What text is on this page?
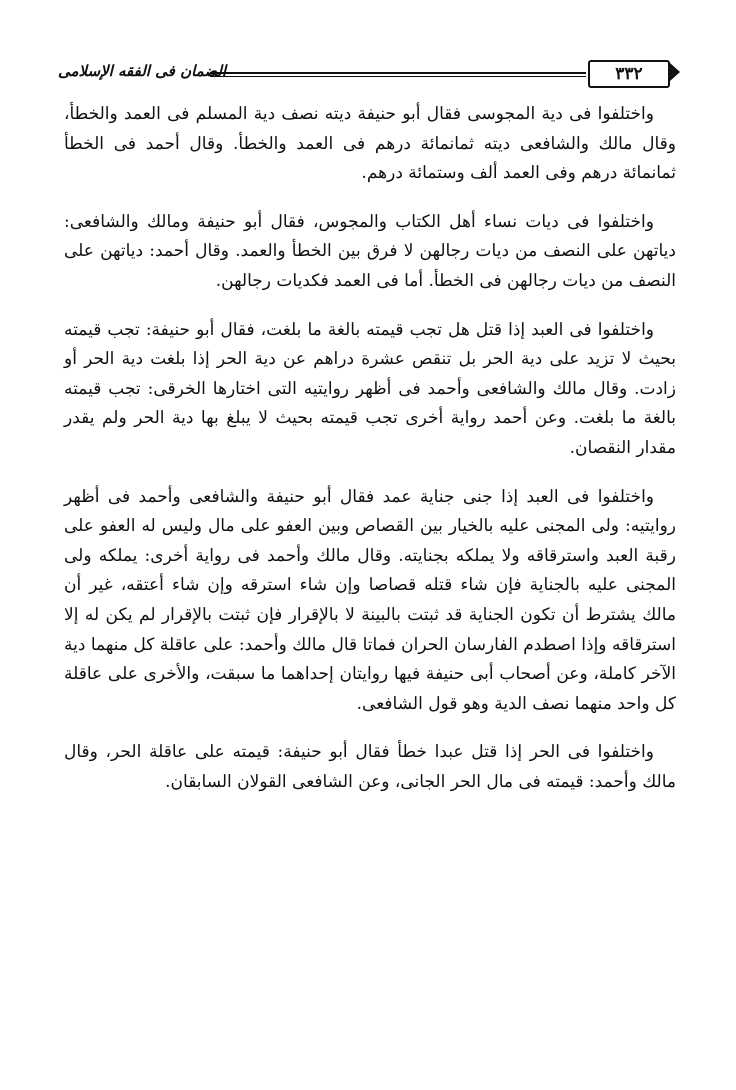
الضمان فى الفقه الإسلامى	٣٣٢

واختلفوا فى دية المجوسى فقال أبو حنيفة ديته نصف دية المسلم فى العمد والخطأ، وقال مالك والشافعى ديته ثمانمائة درهم فى العمد والخطأ. وقال أحمد فى الخطأ ثمانمائة درهم وفى العمد ألف وستمائة درهم.

واختلفوا فى ديات نساء أهل الكتاب والمجوس، فقال أبو حنيفة ومالك والشافعى: دياتهن على النصف من ديات رجالهن لا فرق بين الخطأ والعمد. وقال أحمد: دياتهن على النصف من ديات رجالهن فى الخطأ. أما فى العمد فكديات رجالهن.

واختلفوا فى العبد إذا قتل هل تجب قيمته بالغة ما بلغت، فقال أبو حنيفة: تجب قيمته بحيث لا تزيد على دية الحر بل تنقص عشرة دراهم عن دية الحر إذا بلغت دية الحر أو زادت. وقال مالك والشافعى وأحمد فى أظهر روايتيه التى اختارها الخرقى: تجب قيمته بالغة ما بلغت. وعن أحمد رواية أخرى تجب قيمته بحيث لا يبلغ بها دية الحر ولم يقدر مقدار النقصان.

واختلفوا فى العبد إذا جنى جناية عمد فقال أبو حنيفة والشافعى وأحمد فى أظهر روايتيه: ولى المجنى عليه بالخيار بين القصاص وبين العفو على مال وليس له العفو على رقبة العبد واسترقاقه ولا يملكه بجنايته. وقال مالك وأحمد فى رواية أخرى: يملكه ولى المجنى عليه بالجناية فإن شاء قتله قصاصا وإن شاء استرقه وإن شاء أعتقه، غير أن مالك يشترط أن تكون الجناية قد ثبتت بالبينة لا بالإقرار فإن ثبتت بالإقرار لم يكن له إلا استرقاقه وإذا اصطدم الفارسان الحران فماتا قال مالك وأحمد: على عاقلة كل منهما دية الآخر كاملة، وعن أصحاب أبى حنيفة فيها روايتان إحداهما ما سبقت، والأخرى على عاقلة كل واحد منهما نصف الدية وهو قول الشافعى.

واختلفوا فى الحر إذا قتل عبدا خطأ فقال أبو حنيفة: قيمته على عاقلة الحر، وقال مالك وأحمد: قيمته فى مال الحر الجانى، وعن الشافعى القولان السابقان.
